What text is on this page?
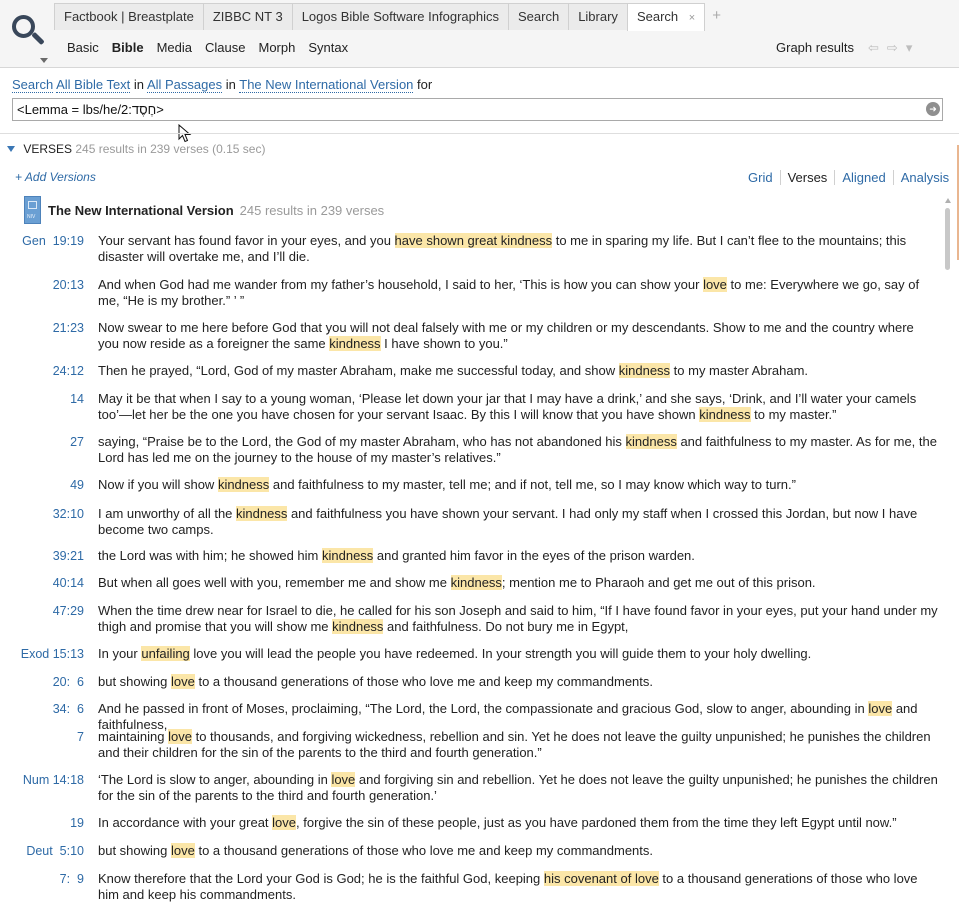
Factbook | Breastplate	ZIBBC NT 3	Logos Bible Software Infographics	Search	Library	Search ×	+
Basic Bible Media Clause Morph Syntax	Graph results ⇦ ⇨ ▾
Search All Bible Text in All Passages in The New International Version for
<Lemma = lbs/he/2:חֶסֶד>
➜
VERSES 245 results in 239 verses (0.15 sec)
+ Add Versions	Grid	Verses	Aligned	Analysis
NIV The New International Version 245 results in 239 verses
Gen  19:19 Your servant has found favor in your eyes, and you have shown great kindness to me in sparing my life. But I can’t flee to the mountains; this disaster will overtake me, and I’ll die.
20:13 And when God had me wander from my father’s household, I said to her, ‘This is how you can show your love to me: Everywhere we go, say of me, “He is my brother.” ’ ”
21:23 Now swear to me here before God that you will not deal falsely with me or my children or my descendants. Show to me and the country where you now reside as a foreigner the same kindness I have shown to you.”
24:12 Then he prayed, “Lord, God of my master Abraham, make me successful today, and show kindness to my master Abraham.
14 May it be that when I say to a young woman, ‘Please let down your jar that I may have a drink,’ and she says, ‘Drink, and I’ll water your camels too’—let her be the one you have chosen for your servant Isaac. By this I will know that you have shown kindness to my master.”
27 saying, “Praise be to the Lord, the God of my master Abraham, who has not abandoned his kindness and faithfulness to my master. As for me, the Lord has led me on the journey to the house of my master’s relatives.”
49 Now if you will show kindness and faithfulness to my master, tell me; and if not, tell me, so I may know which way to turn.”
32:10 I am unworthy of all the kindness and faithfulness you have shown your servant. I had only my staff when I crossed this Jordan, but now I have become two camps.
39:21 the Lord was with him; he showed him kindness and granted him favor in the eyes of the prison warden.
40:14 But when all goes well with you, remember me and show me kindness; mention me to Pharaoh and get me out of this prison.
47:29 When the time drew near for Israel to die, he called for his son Joseph and said to him, “If I have found favor in your eyes, put your hand under my thigh and promise that you will show me kindness and faithfulness. Do not bury me in Egypt,
Exod 15:13 In your unfailing love you will lead the people you have redeemed. In your strength you will guide them to your holy dwelling.
20:  6 but showing love to a thousand generations of those who love me and keep my commandments.
34:  6 And he passed in front of Moses, proclaiming, “The Lord, the Lord, the compassionate and gracious God, slow to anger, abounding in love and faithfulness,
7 maintaining love to thousands, and forgiving wickedness, rebellion and sin. Yet he does not leave the guilty unpunished; he punishes the children and their children for the sin of the parents to the third and fourth generation.”
Num 14:18 ‘The Lord is slow to anger, abounding in love and forgiving sin and rebellion. Yet he does not leave the guilty unpunished; he punishes the children for the sin of the parents to the third and fourth generation.’
19 In accordance with your great love, forgive the sin of these people, just as you have pardoned them from the time they left Egypt until now.”
Deut  5:10 but showing love to a thousand generations of those who love me and keep my commandments.
7:  9 Know therefore that the Lord your God is God; he is the faithful God, keeping his covenant of love to a thousand generations of those who love him and keep his commandments.
